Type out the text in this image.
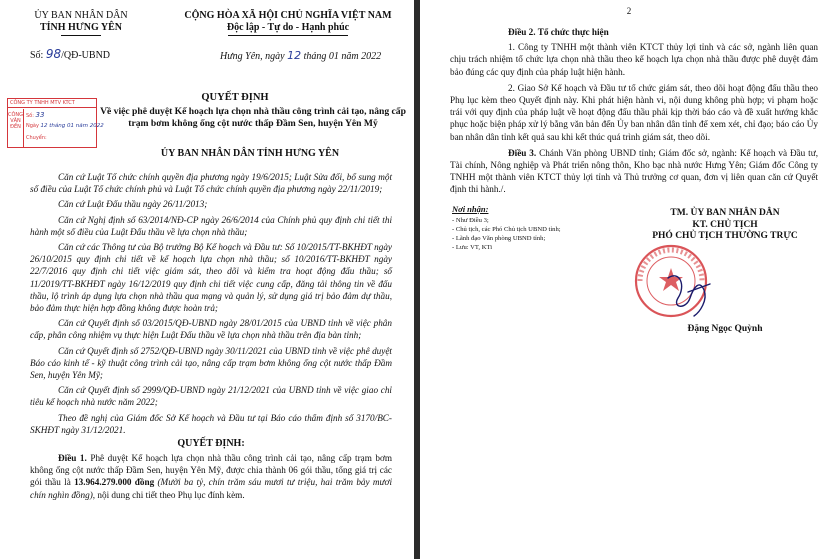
ỦY BAN NHÂN DÂN
TỈNH HƯNG YÊN
CỘNG HÒA XÃ HỘI CHỦ NGHĨA VIỆT NAM
Độc lập - Tự do - Hạnh phúc
Số: 98/QĐ-UBND	Hưng Yên, ngày 12 tháng 01 năm 2022
QUYẾT ĐỊNH
CÔNG TY TNHH MTV KTCT
CÔNG VĂN ĐẾN
Số: 33
Ngày 12 tháng 01 năm 2022
Chuyển:
Về việc phê duyệt Kế hoạch lựa chọn nhà thầu công trình cải tạo, nâng cấp
trạm bơm không ống cột nước thấp Đầm Sen, huyện Yên Mỹ
ỦY BAN NHÂN DÂN TỈNH HƯNG YÊN
Căn cứ Luật Tổ chức chính quyền địa phương ngày 19/6/2015; Luật Sửa đổi, bổ sung một số điều của Luật Tổ chức chính phủ và Luật Tổ chức chính quyền địa phương ngày 22/11/2019;
Căn cứ Luật Đấu thầu ngày 26/11/2013;
Căn cứ Nghị định số 63/2014/NĐ-CP ngày 26/6/2014 của Chính phủ quy định chi tiết thi hành một số điều của Luật Đấu thầu về lựa chọn nhà thầu;
Căn cứ các Thông tư của Bộ trưởng Bộ Kế hoạch và Đầu tư: Số 10/2015/TT-BKHĐT ngày 26/10/2015 quy định chi tiết về kế hoạch lựa chọn nhà thầu; số 10/2016/TT-BKHĐT ngày 22/7/2016 quy định chi tiết việc giám sát, theo dõi và kiểm tra hoạt động đấu thầu; số 11/2019/TT-BKHĐT ngày 16/12/2019 quy định chi tiết việc cung cấp, đăng tải thông tin về đấu thầu, lộ trình áp dụng lựa chọn nhà thầu qua mạng và quản lý, sử dụng giá trị bảo đảm dự thầu, bảo đảm thực hiện hợp đồng không được hoàn trả;
Căn cứ Quyết định số 03/2015/QĐ-UBND ngày 28/01/2015 của UBND tỉnh về việc phân cấp, phân công nhiệm vụ thực hiện Luật Đấu thầu về lựa chọn nhà thầu trên địa bàn tỉnh;
Căn cứ Quyết định số 2752/QĐ-UBND ngày 30/11/2021 của UBND tỉnh về việc phê duyệt Báo cáo kinh tế - kỹ thuật công trình cải tạo, nâng cấp trạm bơm không ống cột nước thấp Đầm Sen, huyện Yên Mỹ;
Căn cứ Quyết định số 2999/QĐ-UBND ngày 21/12/2021 của UBND tỉnh về việc giao chỉ tiêu kế hoạch nhà nước năm 2022;
Theo đề nghị của Giám đốc Sở Kế hoạch và Đầu tư tại Báo cáo thẩm định số 3170/BC-SKHĐT ngày 31/12/2021.
QUYẾT ĐỊNH:
Điều 1. Phê duyệt Kế hoạch lựa chọn nhà thầu công trình cải tạo, nâng cấp trạm bơm không ống cột nước thấp Đầm Sen, huyện Yên Mỹ, được chia thành 06 gói thầu, tổng giá trị các gói thầu là 13.964.279.000 đồng (Mười ba tỷ, chín trăm sáu mươi tư triệu, hai trăm bảy mươi chín nghìn đồng), nội dung chi tiết theo Phụ lục đính kèm.
2
Điều 2. Tổ chức thực hiện
1. Công ty TNHH một thành viên KTCT thủy lợi tỉnh và các sở, ngành liên quan chịu trách nhiệm tổ chức lựa chọn nhà thầu theo kế hoạch lựa chọn nhà thầu được phê duyệt đảm bảo đúng các quy định của pháp luật hiện hành.
2. Giao Sở Kế hoạch và Đầu tư tổ chức giám sát, theo dõi hoạt động đấu thầu theo Phụ lục kèm theo Quyết định này. Khi phát hiện hành vi, nội dung không phù hợp; vi phạm hoặc trái với quy định của pháp luật về hoạt động đấu thầu phải kịp thời báo cáo và đề xuất hướng khắc phục hoặc biện pháp xử lý bằng văn bản đến Ủy ban nhân dân tỉnh để xem xét, chỉ đạo; báo cáo Ủy ban nhân dân tỉnh kết quả sau khi kết thúc quá trình giám sát, theo dõi.
Điều 3. Chánh Văn phòng UBND tỉnh; Giám đốc sở, ngành: Kế hoạch và Đầu tư, Tài chính, Nông nghiệp và Phát triển nông thôn, Kho bạc nhà nước Hưng Yên; Giám đốc Công ty TNHH một thành viên KTCT thủy lợi tỉnh và Thủ trưởng cơ quan, đơn vị liên quan căn cứ Quyết định thi hành./.
Nơi nhận:
- Như Điều 3;
- Chủ tịch, các Phó Chủ tịch UBND tỉnh;
- Lãnh đạo Văn phòng UBND tỉnh;
- Lưu: VT, KTi
TM. ỦY BAN NHÂN DÂN
KT. CHỦ TỊCH
PHÓ CHỦ TỊCH THƯỜNG TRỰC
Đặng Ngọc Quỳnh
